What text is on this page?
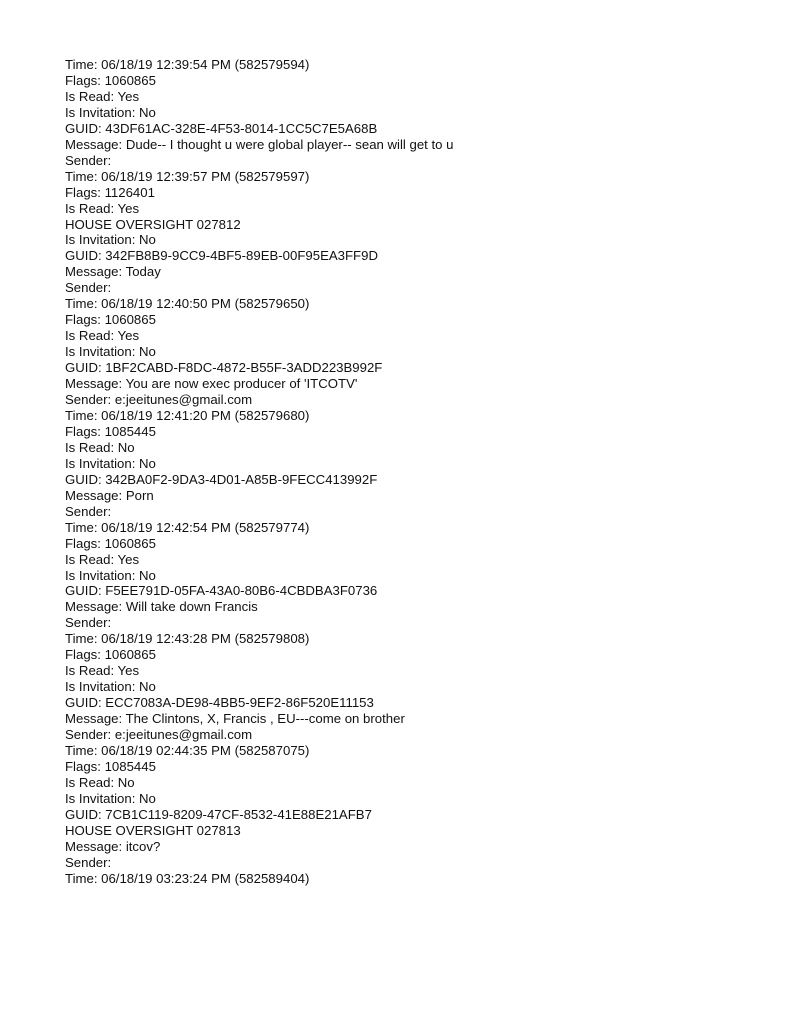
Time: 06/18/19 12:39:54 PM (582579594)
Flags: 1060865
Is Read: Yes
Is Invitation: No
GUID: 43DF61AC-328E-4F53-8014-1CC5C7E5A68B
Message: Dude-- I thought u were global player-- sean will get to u
Sender:
Time: 06/18/19 12:39:57 PM (582579597)
Flags: 1126401
Is Read: Yes
HOUSE OVERSIGHT 027812
Is Invitation: No
GUID: 342FB8B9-9CC9-4BF5-89EB-00F95EA3FF9D
Message: Today
Sender:
Time: 06/18/19 12:40:50 PM (582579650)
Flags: 1060865
Is Read: Yes
Is Invitation: No
GUID: 1BF2CABD-F8DC-4872-B55F-3ADD223B992F
Message: You are now exec producer of 'ITCOTV'
Sender: e:jeeitunes@gmail.com
Time: 06/18/19 12:41:20 PM (582579680)
Flags: 1085445
Is Read: No
Is Invitation: No
GUID: 342BA0F2-9DA3-4D01-A85B-9FECC413992F
Message: Porn
Sender:
Time: 06/18/19 12:42:54 PM (582579774)
Flags: 1060865
Is Read: Yes
Is Invitation: No
GUID: F5EE791D-05FA-43A0-80B6-4CBDBA3F0736
Message: Will take down Francis
Sender:
Time: 06/18/19 12:43:28 PM (582579808)
Flags: 1060865
Is Read: Yes
Is Invitation: No
GUID: ECC7083A-DE98-4BB5-9EF2-86F520E11153
Message: The Clintons, X, Francis , EU---come on brother
Sender: e:jeeitunes@gmail.com
Time: 06/18/19 02:44:35 PM (582587075)
Flags: 1085445
Is Read: No
Is Invitation: No
GUID: 7CB1C119-8209-47CF-8532-41E88E21AFB7
HOUSE OVERSIGHT 027813
Message: itcov?
Sender:
Time: 06/18/19 03:23:24 PM (582589404)
